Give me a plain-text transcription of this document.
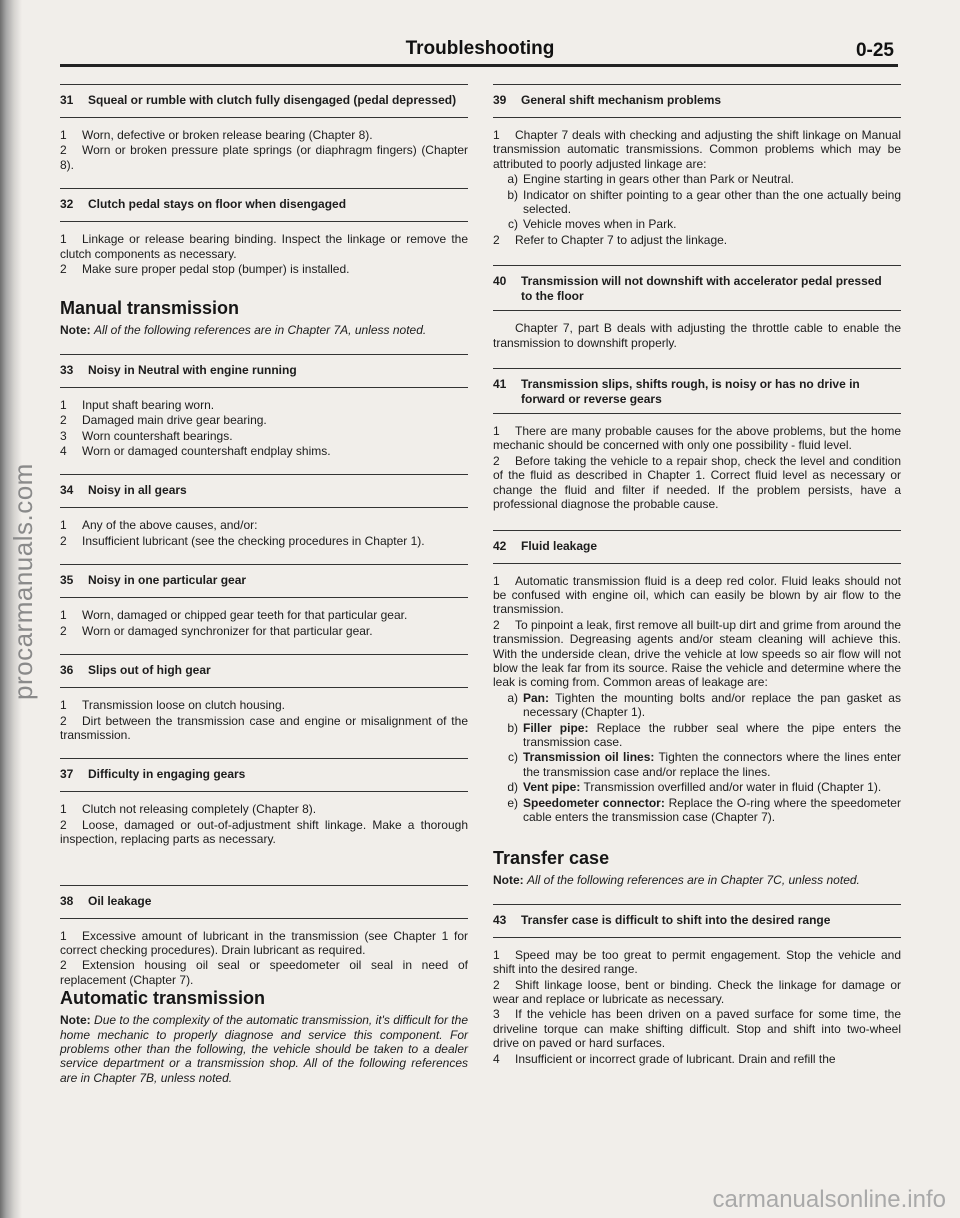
procarmanuals.com
carmanualsonline.info
Troubleshooting	0-25
31 Squeal or rumble with clutch fully disengaged (pedal depressed)
1 Worn, defective or broken release bearing (Chapter 8).
2 Worn or broken pressure plate springs (or diaphragm fingers) (Chapter 8).
32 Clutch pedal stays on floor when disengaged
1 Linkage or release bearing binding. Inspect the linkage or remove the clutch components as necessary.
2 Make sure proper pedal stop (bumper) is installed.
Manual transmission
Note: All of the following references are in Chapter 7A, unless noted.
33 Noisy in Neutral with engine running
1 Input shaft bearing worn.
2 Damaged main drive gear bearing.
3 Worn countershaft bearings.
4 Worn or damaged countershaft endplay shims.
34 Noisy in all gears
1 Any of the above causes, and/or:
2 Insufficient lubricant (see the checking procedures in Chapter 1).
35 Noisy in one particular gear
1 Worn, damaged or chipped gear teeth for that particular gear.
2 Worn or damaged synchronizer for that particular gear.
36 Slips out of high gear
1 Transmission loose on clutch housing.
2 Dirt between the transmission case and engine or misalignment of the transmission.
37 Difficulty in engaging gears
1 Clutch not releasing completely (Chapter 8).
2 Loose, damaged or out-of-adjustment shift linkage. Make a thorough inspection, replacing parts as necessary.
38 Oil leakage
1 Excessive amount of lubricant in the transmission (see Chapter 1 for correct checking procedures). Drain lubricant as required.
2 Extension housing oil seal or speedometer oil seal in need of replacement (Chapter 7).
Automatic transmission
Note: Due to the complexity of the automatic transmission, it's difficult for the home mechanic to properly diagnose and service this component. For problems other than the following, the vehicle should be taken to a dealer service department or a transmission shop. All of the following references are in Chapter 7B, unless noted.
39 General shift mechanism problems
1 Chapter 7 deals with checking and adjusting the shift linkage on Manual transmission automatic transmissions. Common problems which may be attributed to poorly adjusted linkage are:
a) Engine starting in gears other than Park or Neutral.
b) Indicator on shifter pointing to a gear other than the one actually being selected.
c) Vehicle moves when in Park.
2 Refer to Chapter 7 to adjust the linkage.
40 Transmission will not downshift with accelerator pedal pressed to the floor
Chapter 7, part B deals with adjusting the throttle cable to enable the transmission to downshift properly.
41 Transmission slips, shifts rough, is noisy or has no drive in forward or reverse gears
1 There are many probable causes for the above problems, but the home mechanic should be concerned with only one possibility - fluid level.
2 Before taking the vehicle to a repair shop, check the level and condition of the fluid as described in Chapter 1. Correct fluid level as necessary or change the fluid and filter if needed. If the problem persists, have a professional diagnose the probable cause.
42 Fluid leakage
1 Automatic transmission fluid is a deep red color. Fluid leaks should not be confused with engine oil, which can easily be blown by air flow to the transmission.
2 To pinpoint a leak, first remove all built-up dirt and grime from around the transmission. Degreasing agents and/or steam cleaning will achieve this. With the underside clean, drive the vehicle at low speeds so air flow will not blow the leak far from its source. Raise the vehicle and determine where the leak is coming from. Common areas of leakage are:
a) Pan: Tighten the mounting bolts and/or replace the pan gasket as necessary (Chapter 1).
b) Filler pipe: Replace the rubber seal where the pipe enters the transmission case.
c) Transmission oil lines: Tighten the connectors where the lines enter the transmission case and/or replace the lines.
d) Vent pipe: Transmission overfilled and/or water in fluid (Chapter 1).
e) Speedometer connector: Replace the O-ring where the speedometer cable enters the transmission case (Chapter 7).
Transfer case
Note: All of the following references are in Chapter 7C, unless noted.
43 Transfer case is difficult to shift into the desired range
1 Speed may be too great to permit engagement. Stop the vehicle and shift into the desired range.
2 Shift linkage loose, bent or binding. Check the linkage for damage or wear and replace or lubricate as necessary.
3 If the vehicle has been driven on a paved surface for some time, the driveline torque can make shifting difficult. Stop and shift into two-wheel drive on paved or hard surfaces.
4 Insufficient or incorrect grade of lubricant. Drain and refill the
